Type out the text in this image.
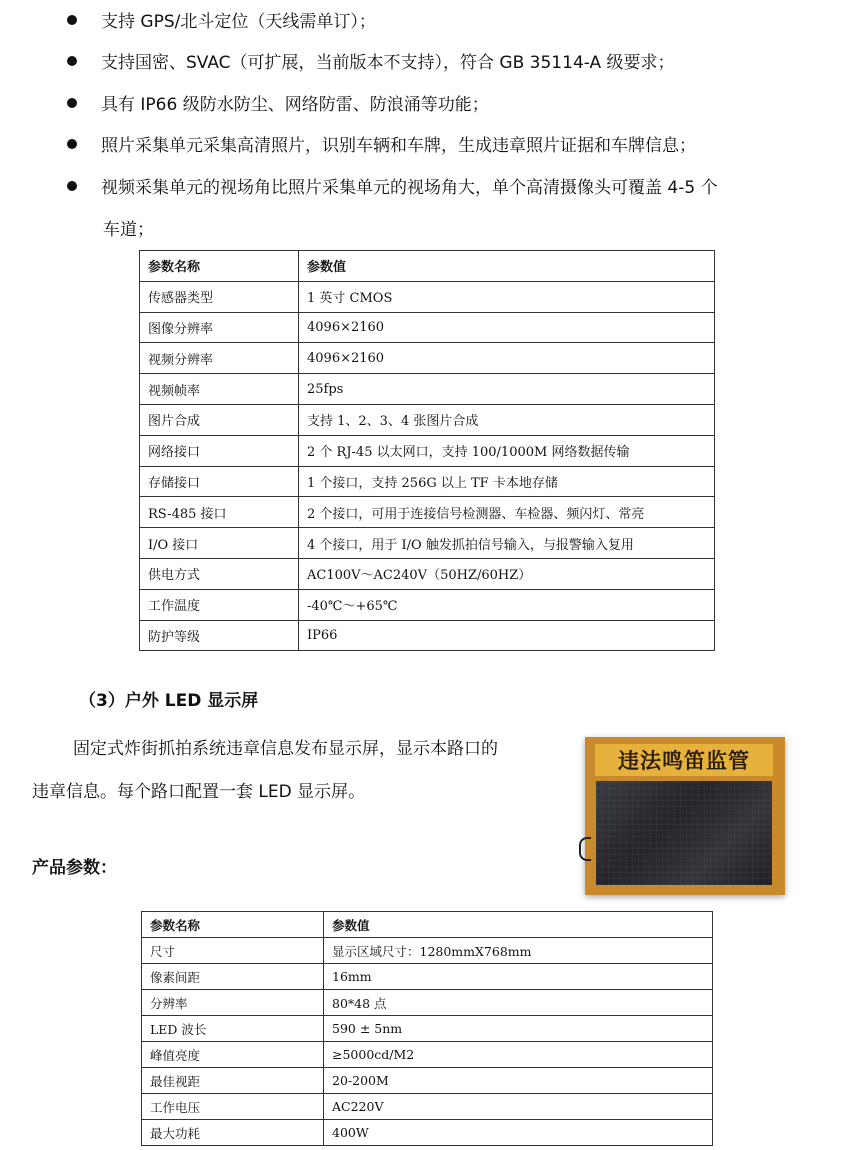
支持 GPS/北斗定位（天线需单订）；
支持国密、SVAC（可扩展，当前版本不支持），符合 GB 35114-A 级要求；
具有 IP66 级防水防尘、网络防雷、防浪涌等功能；
照片采集单元采集高清照片，识别车辆和车牌，生成违章照片证据和车牌信息；
视频采集单元的视场角比照片采集单元的视场角大，单个高清摄像头可覆盖 4-5 个
车道；
参数名称	参数值
传感器类型	1 英寸 CMOS
图像分辨率	4096×2160
视频分辨率	4096×2160
视频帧率	25fps
图片合成	支持 1、2、3、4 张图片合成
网络接口	2 个 RJ-45 以太网口，支持 100/1000M 网络数据传输
存储接口	1 个接口，支持 256G 以上 TF 卡本地存储
RS-485 接口	2 个接口，可用于连接信号检测器、车检器、频闪灯、常亮
I/O 接口	4 个接口，用于 I/O 触发抓拍信号输入，与报警输入复用
供电方式	AC100V～AC240V（50HZ/60HZ）
工作温度	-40℃～+65℃
防护等级	IP66
（3）户外 LED 显示屏
固定式炸街抓拍系统违章信息发布显示屏，显示本路口的
违章信息。每个路口配置一套 LED 显示屏。
违法鸣笛监管
产品参数：
参数名称	参数值
尺寸	显示区域尺寸：1280mmX768mm
像素间距	16mm
分辨率	80*48 点
LED 波长	590 ± 5nm
峰值亮度	≥5000cd/M2
最佳视距	20-200M
工作电压	AC220V
最大功耗	400W
